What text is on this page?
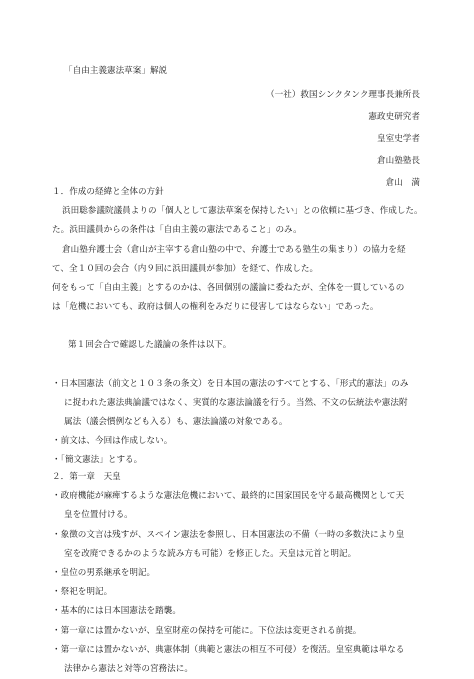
「自由主義憲法草案」解説
（一社）救国シンクタンク理事長兼所長
憲政史研究者
皇室史学者
倉山塾塾長
倉山　満
１．作成の経緯と全体の方針
浜田聡参議院議員よりの「個人として憲法草案を保持したい」との依頼に基づき、作成した。
た。浜田議員からの条件は「自由主義の憲法であること」のみ。
倉山塾弁護士会（倉山が主宰する倉山塾の中で、弁護士である塾生の集まり）の協力を経
て、全１０回の会合（内９回に浜田議員が参加）を経て、作成した。
何をもって「自由主義」とするのかは、各回個別の議論に委ねたが、全体を一貫しているの
は「危機においても、政府は個人の権利をみだりに侵害してはならない」であった。
第１回会合で確認した議論の条件は以下。
・日本国憲法（前文と１０３条の条文）を日本国の憲法のすべてとする、「形式的憲法」のみ
に捉われた憲法典論議ではなく、実質的な憲法論議を行う。当然、不文の伝統法や憲法附
属法（議会慣例なども入る）も、憲法論議の対象である。
・前文は、今回は作成しない。
・「簡文憲法」とする。
２．第一章　天皇
・政府機能が麻痺するような憲法危機において、最終的に国家国民を守る最高機関として天
皇を位置付ける。
・象徴の文言は残すが、スペイン憲法を参照し、日本国憲法の不備（一時の多数決により皇
室を改廃できるかのような読み方も可能）を修正した。天皇は元首と明記。
・皇位の男系継承を明記。
・祭祀を明記。
・基本的には日本国憲法を踏襲。
・第一章には置かないが、皇室財産の保持を可能に。下位法は変更される前提。
・第一章には置かないが、典憲体制（典範と憲法の相互不可侵）を復活。皇室典範は単なる
法律から憲法と対等の宮務法に。
